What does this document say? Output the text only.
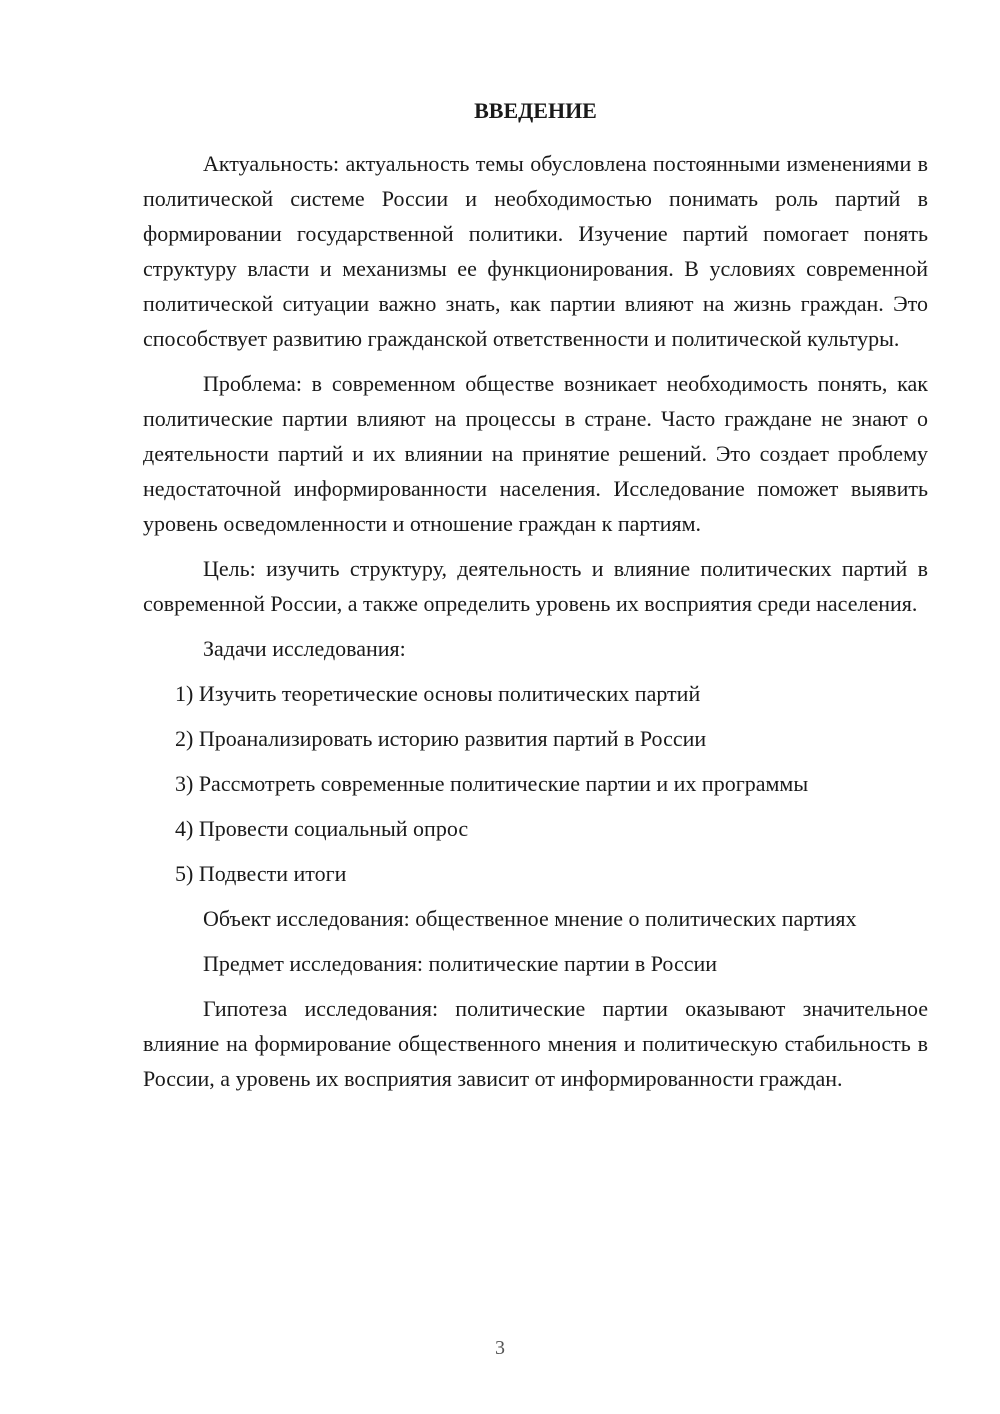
ВВЕДЕНИЕ

Актуальность: актуальность темы обусловлена постоянными изменениями в политической системе России и необходимостью понимать роль партий в формировании государственной политики. Изучение партий помогает понять структуру власти и механизмы ее функционирования. В условиях современной политической ситуации важно знать, как партии влияют на жизнь граждан. Это способствует развитию гражданской ответственности и политической культуры.

Проблема: в современном обществе возникает необходимость понять, как политические партии влияют на процессы в стране. Часто граждане не знают о деятельности партий и их влиянии на принятие решений. Это создает проблему недостаточной информированности населения. Исследование поможет выявить уровень осведомленности и отношение граждан к партиям.

Цель: изучить структуру, деятельность и влияние политических партий в современной России, а также определить уровень их восприятия среди населения.

Задачи исследования:

1) Изучить теоретические основы политических партий
2) Проанализировать историю развития партий в России
3) Рассмотреть современные политические партии и их программы
4) Провести социальный опрос
5) Подвести итоги

Объект исследования: общественное мнение о политических партиях

Предмет исследования: политические партии в России

Гипотеза исследования: политические партии оказывают значительное влияние на формирование общественного мнения и политическую стабильность в России, а уровень их восприятия зависит от информированности граждан.

3
